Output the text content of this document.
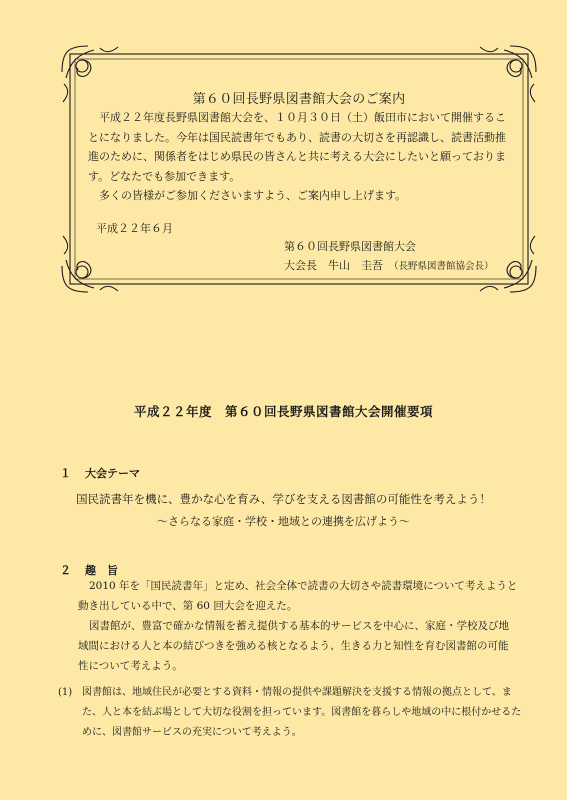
第６０回長野県図書館大会のご案内

平成２２年度長野県図書館大会を、１０月３０日（土）飯田市において開催することになりました。今年は国民読書年でもあり、読書の大切さを再認識し、読書活動推進のために、関係者をはじめ県民の皆さんと共に考える大会にしたいと願っております。どなたでも参加できます。

多くの皆様がご参加くださいますよう、ご案内申し上げます。

平成２２年６月
第６０回長野県図書館大会
大会長　牛山　圭吾 （長野県図書館協会長）
平成２２年度　第６０回長野県図書館大会開催要項
１ 大会テーマ
国民読書年を機に、豊かな心を育み、学びを支える図書館の可能性を考えよう！
〜さらなる家庭・学校・地域との連携を広げよう〜
２ 趣　旨

2010 年を「国民読書年」と定め、社会全体で読書の大切さや読書環境について考えようと動き出している中で、第 60 回大会を迎えた。

図書館が、豊富で確かな情報を蓄え提供する基本的サービスを中心に、家庭・学校及び地域間における人と本の結びつきを強める核となるよう、生きる力と知性を育む図書館の可能性について考えよう。

(1) 図書館は、地域住民が必要とする資料・情報の提供や課題解決を支援する情報の拠点として、また、人と本を結ぶ場として大切な役割を担っています。図書館を暮らしや地域の中に根付かせるために、図書館サービスの充実について考えよう。
